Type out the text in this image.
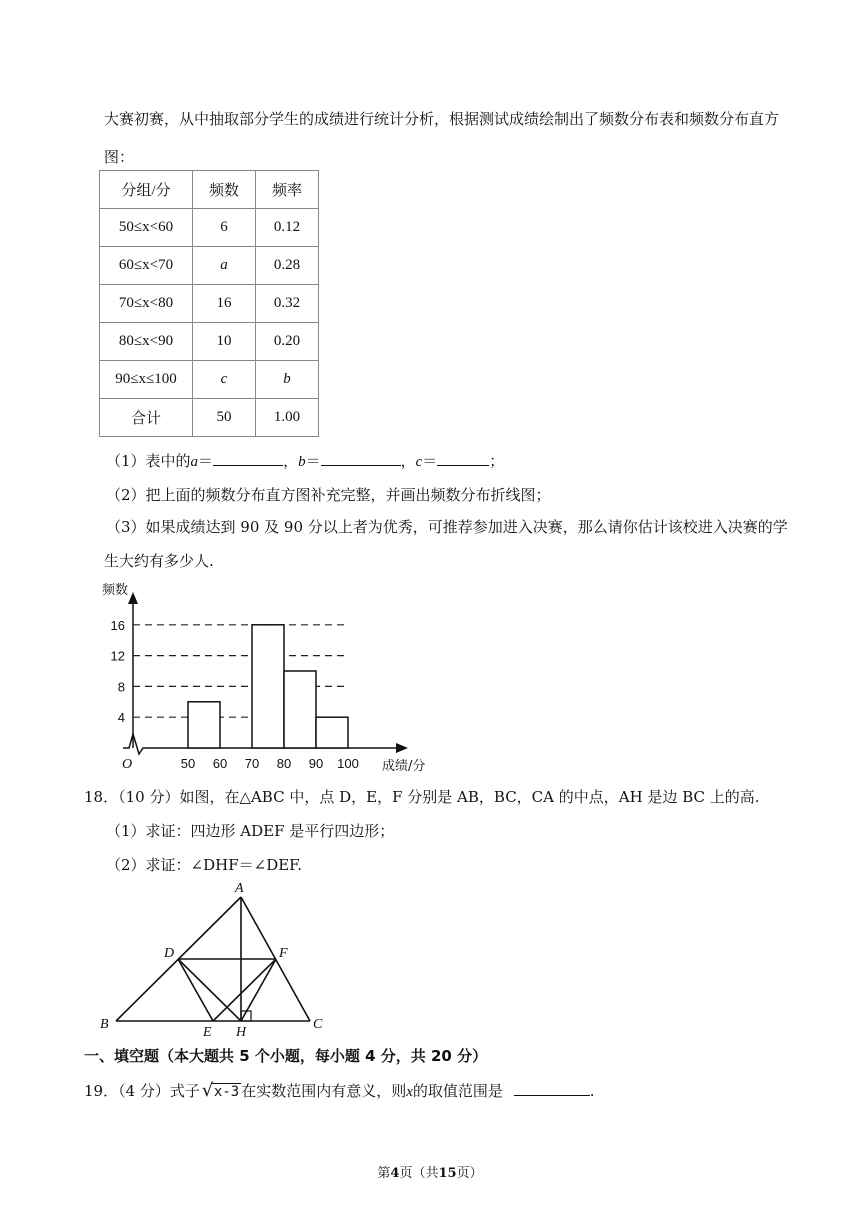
大赛初赛，从中抽取部分学生的成绩进行统计分析，根据测试成绩绘制出了频数分布表和频数分布直方
图：
分组/分	频数	频率
50≤x<60	6	0.12
60≤x<70	a	0.28
70≤x<80	16	0.32
80≤x<90	10	0.20
90≤x≤100	c	b
合计	50	1.00
（1）表中的a＝	，b＝	，c＝	；
（2）把上面的频数分布直方图补充完整，并画出频数分布折线图；
（3）如果成绩达到 90 及 90 分以上者为优秀，可推荐参加进入决赛，那么请你估计该校进入决赛的学
生大约有多少人.
4
8
12
16
50 60 70 80 90 100
频数
成绩/分
O
18．（10 分）如图，在△ABC 中，点 D，E，F 分别是 AB，BC，CA 的中点，AH 是边 BC 上的高.
（1）求证：四边形 ADEF 是平行四边形；
（2）求证：∠DHF＝∠DEF.
A
B	C
D
E
F
H
一、填空题（本大题共 5 个小题，每小题 4 分，共 20 分）
19．（4 分）式子 √ x-3 在实数范围内有意义，则x的取值范围是	.
第4页（共15页）
